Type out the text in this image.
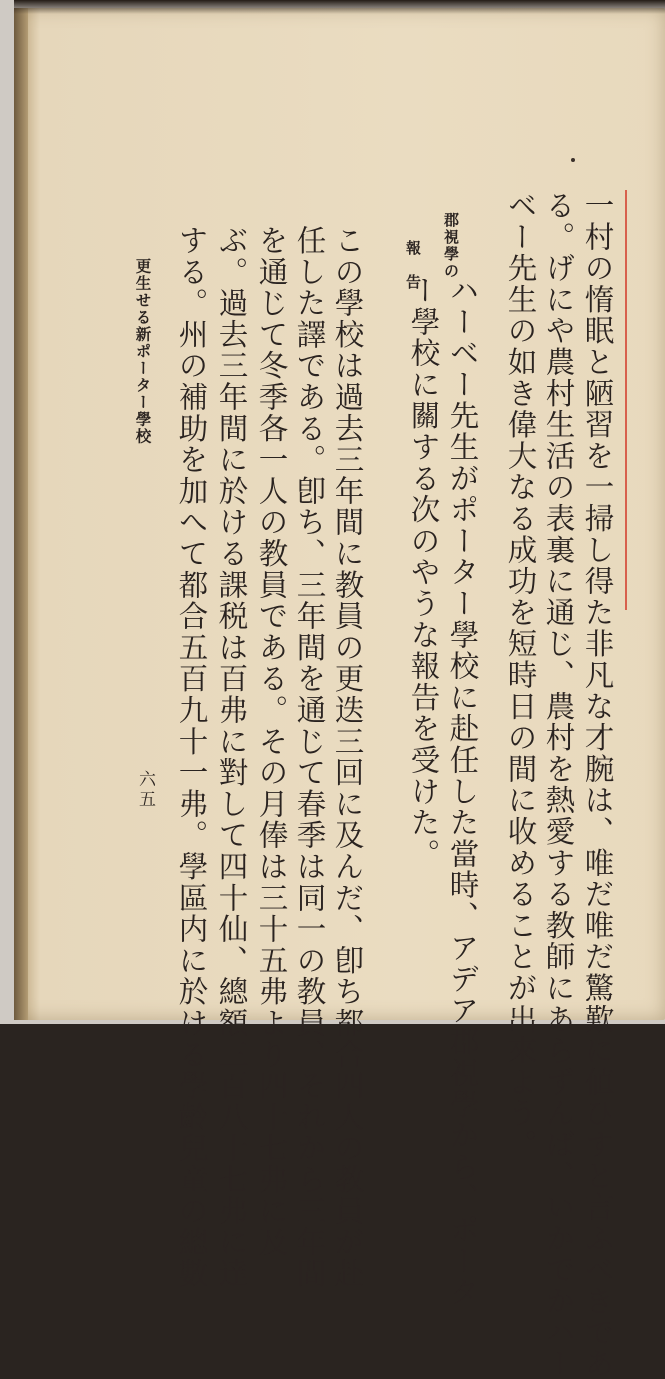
一村の惰眠と陋習を一掃し得た非凡な才腕は、唯だ唯だ驚歎に値ひすと言ふべきであ
る。げにや農村生活の表裏に通じ、農村を熱愛する教師にあらずんば、いかでかハー
ベー先生の如き偉大なる成功を短時日の間に收めることが出來よう。
郡視學の
報　告
ハーベー先生がポーター學校に赴任した當時、アデア郡視學から、ポータ
ー學校に關する次のやうな報告を受けた。
この學校は過去三年間に教員の更迭三回に及んだ、卽ち都合四人の教員が赴
任した譯である。卽ち、三年間を通じて春季は同一の教員、それから三年間
を通じて冬季各一人の教員である。その月俸は三十五弗より四十七弗に及
ぶ。過去三年間に於ける課税は百弗に對して四十仙、總額三百八十七弗に達
する。州の補助を加へて都合五百九十一弗。學區内に於ける學齡兒童の總數
更生せる新ポーター學校
六五
